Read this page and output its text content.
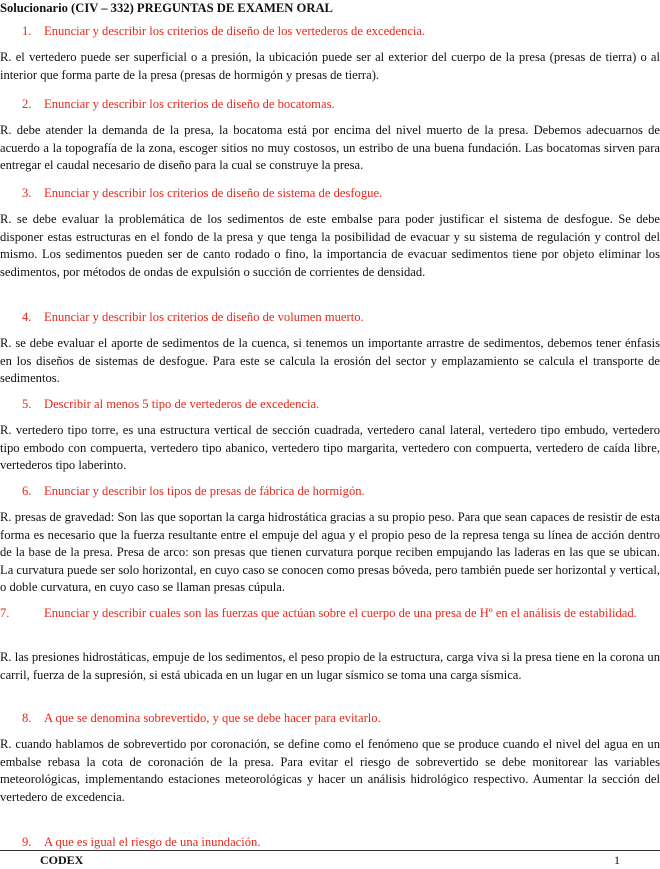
Solucionario (CIV – 332) PREGUNTAS DE EXAMEN ORAL
1. Enunciar y describir los criterios de diseño de los vertederos de excedencia.
R. el vertedero puede ser superficial o a presión, la ubicación puede ser al exterior del cuerpo de la presa (presas de tierra) o al interior que forma parte de la presa (presas de hormigón y presas de tierra).
2. Enunciar y describir los criterios de diseño de bocatomas.
R. debe atender la demanda de la presa, la bocatoma está por encima del nivel muerto de la presa. Debemos adecuarnos de acuerdo a la topografía de la zona, escoger sitios no muy costosos, un estribo de una buena fundación. Las bocatomas sirven para entregar el caudal necesario de diseño para la cual se construye la presa.
3. Enunciar y describir los criterios de diseño de sistema de desfogue.
R. se debe evaluar la problemática de los sedimentos de este embalse para poder justificar el sistema de desfogue. Se debe disponer estas estructuras en el fondo de la presa y que tenga la posibilidad de evacuar y su sistema de regulación y control del mismo. Los sedimentos pueden ser de canto rodado o fino, la importancia de evacuar sedimentos tiene por objeto eliminar los sedimentos, por métodos de ondas de expulsión o succión de corrientes de densidad.
4. Enunciar y describir los criterios de diseño de volumen muerto.
R. se debe evaluar el aporte de sedimentos de la cuenca, si tenemos un importante arrastre de sedimentos, debemos tener énfasis en los diseños de sistemas de desfogue. Para este se calcula la erosión del sector y emplazamiento se calcula el transporte de sedimentos.
5. Describir al menos 5 tipo de vertederos de excedencia.
R. vertedero tipo torre, es una estructura vertical de sección cuadrada, vertedero canal lateral, vertedero tipo embudo, vertedero tipo embodo con compuerta, vertedero tipo abanico, vertedero tipo margarita, vertedero con compuerta, vertedero de caída libre, vertederos tipo laberinto.
6. Enunciar y describir los tipos de presas de fábrica de hormigón.
R. presas de gravedad: Son las que soportan la carga hidrostática gracias a su propio peso. Para que sean capaces de resistir de esta forma es necesario que la fuerza resultante entre el empuje del agua y el propio peso de la represa tenga su línea de acción dentro de la base de la presa. Presa de arco: son presas que tienen curvatura porque reciben empujando las laderas en las que se ubican. La curvatura puede ser solo horizontal, en cuyo caso se conocen como presas bóveda, pero también puede ser horizontal y vertical, o doble curvatura, en cuyo caso se llaman presas cúpula.
7.	Enunciar y describir cuales son las fuerzas que actúan sobre el cuerpo de una presa de Hº en el análisis de estabilidad.
R. las presiones hidrostáticas, empuje de los sedimentos, el peso propio de la estructura, carga viva si la presa tiene en la corona un carril, fuerza de la supresión, si está ubicada en un lugar en un lugar sísmico se toma una carga sísmica.
8. A que se denomina sobrevertido, y que se debe hacer para evitarlo.
R. cuando hablamos de sobrevertido por coronación, se define como el fenómeno que se produce cuando el nivel del agua en un embalse rebasa la cota de coronación de la presa. Para evitar el riesgo de sobrevertido se debe monitorear las variables meteorológicas, implementando estaciones meteorológicas y hacer un análisis hidrológico respectivo. Aumentar la sección del vertedero de excedencia.
9. A que es igual el riesgo de una inundación.
CODEX	1
